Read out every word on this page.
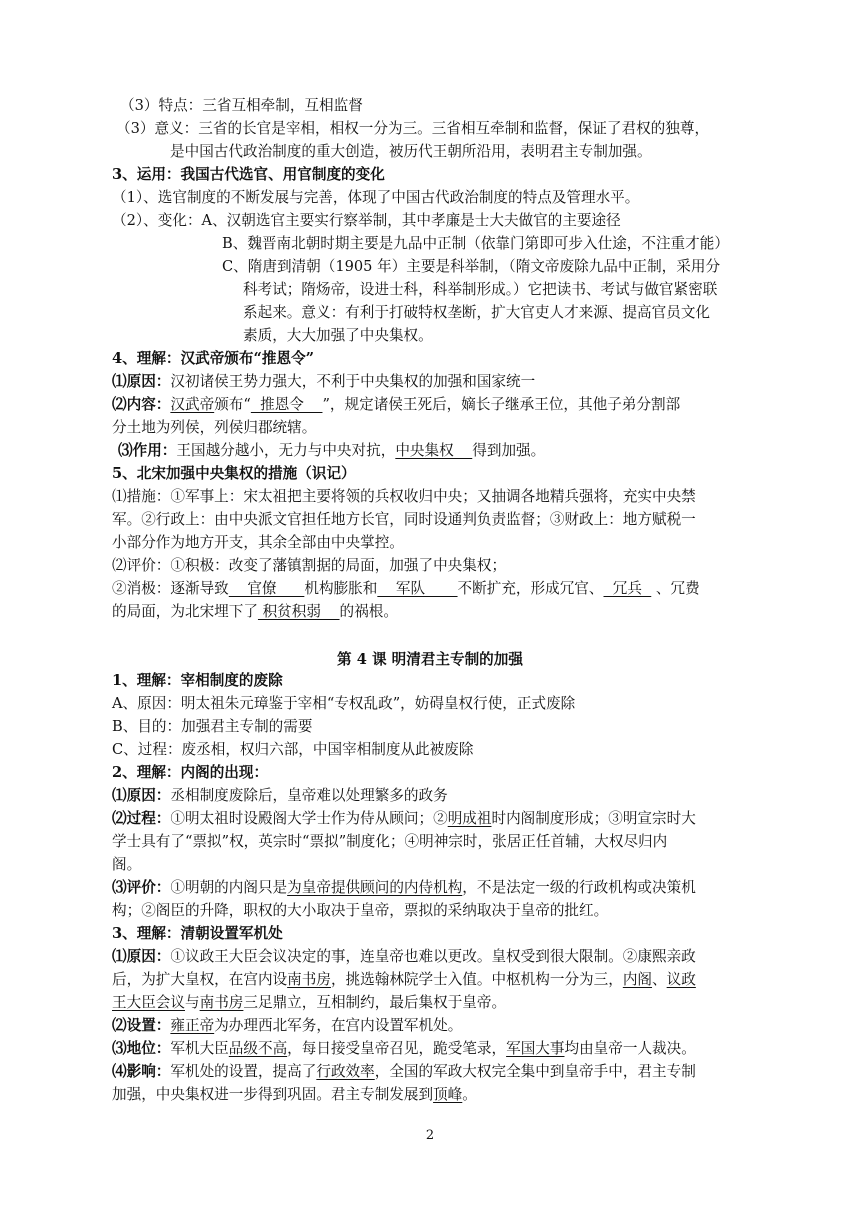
（3）特点：三省互相牵制，互相监督
（3）意义：三省的长官是宰相，相权一分为三。三省相互牵制和监督，保证了君权的独尊，
是中国古代政治制度的重大创造，被历代王朝所沿用，表明君主专制加强。
3、运用：我国古代选官、用官制度的变化
（1）、选官制度的不断发展与完善，体现了中国古代政治制度的特点及管理水平。
（2）、变化：A、汉朝选官主要实行察举制，其中孝廉是士大夫做官的主要途径
B、魏晋南北朝时期主要是九品中正制（依靠门第即可步入仕途，不注重才能）
C、隋唐到清朝（1905 年）主要是科举制，（隋文帝废除九品中正制，采用分
科考试；隋炀帝，设进士科，科举制形成。）它把读书、考试与做官紧密联
系起来。意义：有利于打破特权垄断，扩大官吏人才来源、提高官员文化
素质，大大加强了中央集权。
4、理解：汉武帝颁布“推恩令”
⑴原因：汉初诸侯王势力强大，不利于中央集权的加强和国家统一
⑵内容：汉武帝颁布“  推恩令    ”，规定诸侯王死后，嫡长子继承王位，其他子弟分割部
分土地为列侯，列侯归郡统辖。
⑶作用：王国越分越小，无力与中央对抗，中央集权    得到加强。
5、北宋加强中央集权的措施（识记）
⑴措施：①军事上：宋太祖把主要将领的兵权收归中央；又抽调各地精兵强将，充实中央禁
军。②行政上：由中央派文官担任地方长官，同时设通判负责监督；③财政上：地方赋税一
小部分作为地方开支，其余全部由中央掌控。
⑵评价：①积极：改变了藩镇割据的局面，加强了中央集权；
②消极：逐渐导致    官僚      机构膨胀和    军队       不断扩充，形成冗官、  冗兵   、冗费
的局面，为北宋埋下了 积贫积弱    的祸根。
1、理解：宰相制度的废除
A、原因：明太祖朱元璋鉴于宰相“专权乱政”，妨碍皇权行使，正式废除
B、目的：加强君主专制的需要
C、过程：废丞相，权归六部，中国宰相制度从此被废除
2、理解：内阁的出现：
⑴原因：丞相制度废除后，皇帝难以处理繁多的政务
⑵过程：①明太祖时设殿阁大学士作为侍从顾问；②明成祖时内阁制度形成；③明宣宗时大
学士具有了“票拟”权，英宗时“票拟”制度化；④明神宗时，张居正任首辅，大权尽归内
阁。
⑶评价：①明朝的内阁只是为皇帝提供顾问的内侍机构，不是法定一级的行政机构或决策机
构；②阁臣的升降，职权的大小取决于皇帝，票拟的采纳取决于皇帝的批红。
3、理解：清朝设置军机处
⑴原因：①议政王大臣会议决定的事，连皇帝也难以更改。皇权受到很大限制。②康熙亲政
后，为扩大皇权，在宫内设南书房，挑选翰林院学士入值。中枢机构一分为三，内阁、议政
王大臣会议与南书房三足鼎立，互相制约，最后集权于皇帝。
⑵设置：雍正帝为办理西北军务，在宫内设置军机处。
⑶地位：军机大臣品级不高，每日接受皇帝召见，跪受笔录，军国大事均由皇帝一人裁决。
⑷影响：军机处的设置，提高了行政效率，全国的军政大权完全集中到皇帝手中，君主专制
加强，中央集权进一步得到巩固。君主专制发展到顶峰。
第 4 课 明清君主专制的加强
2
